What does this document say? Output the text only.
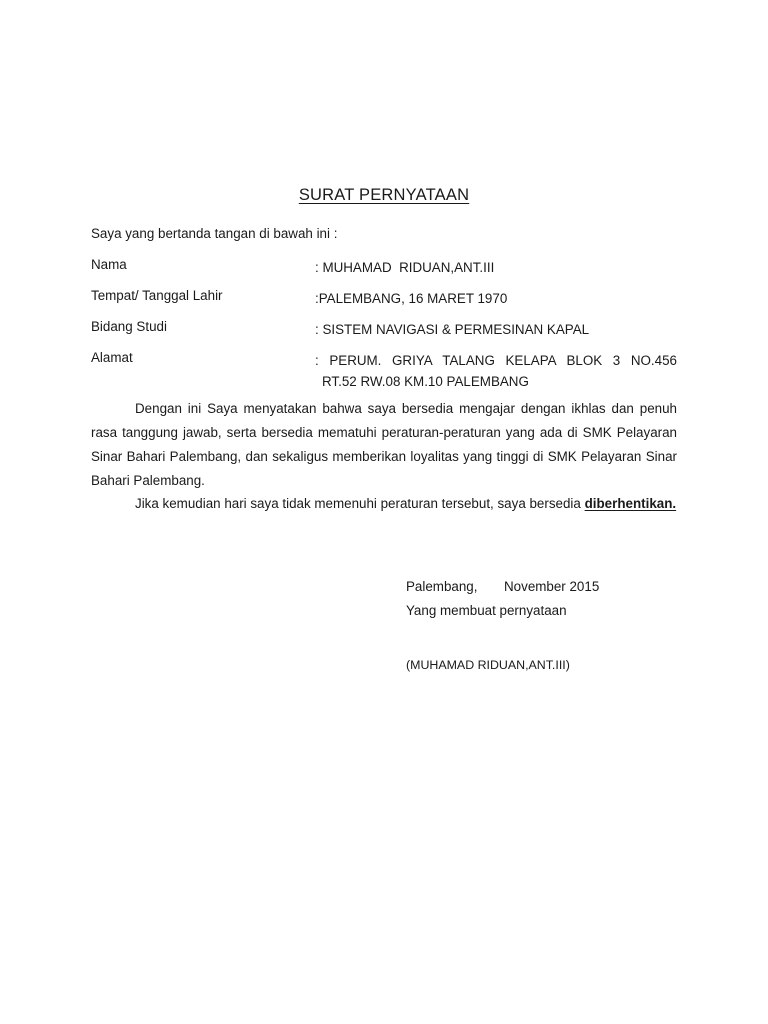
SURAT PERNYATAAN
Saya yang bertanda tangan di bawah ini :
Nama	: MUHAMAD  RIDUAN,ANT.III
Tempat/ Tanggal Lahir	:PALEMBANG, 16 MARET 1970
Bidang Studi	: SISTEM NAVIGASI & PERMESINAN KAPAL
Alamat	: PERUM. GRIYA TALANG KELAPA BLOK 3 NO.456
RT.52 RW.08 KM.10 PALEMBANG
Dengan ini Saya menyatakan bahwa saya bersedia mengajar dengan ikhlas dan penuh rasa tanggung jawab, serta bersedia mematuhi peraturan-peraturan yang ada di SMK Pelayaran Sinar Bahari Palembang, dan sekaligus memberikan loyalitas yang tinggi di SMK Pelayaran Sinar Bahari Palembang.
Jika kemudian hari saya tidak memenuhi peraturan tersebut, saya bersedia diberhentikan.
Palembang, November 2015
Yang membuat pernyataan
(MUHAMAD RIDUAN,ANT.III)
